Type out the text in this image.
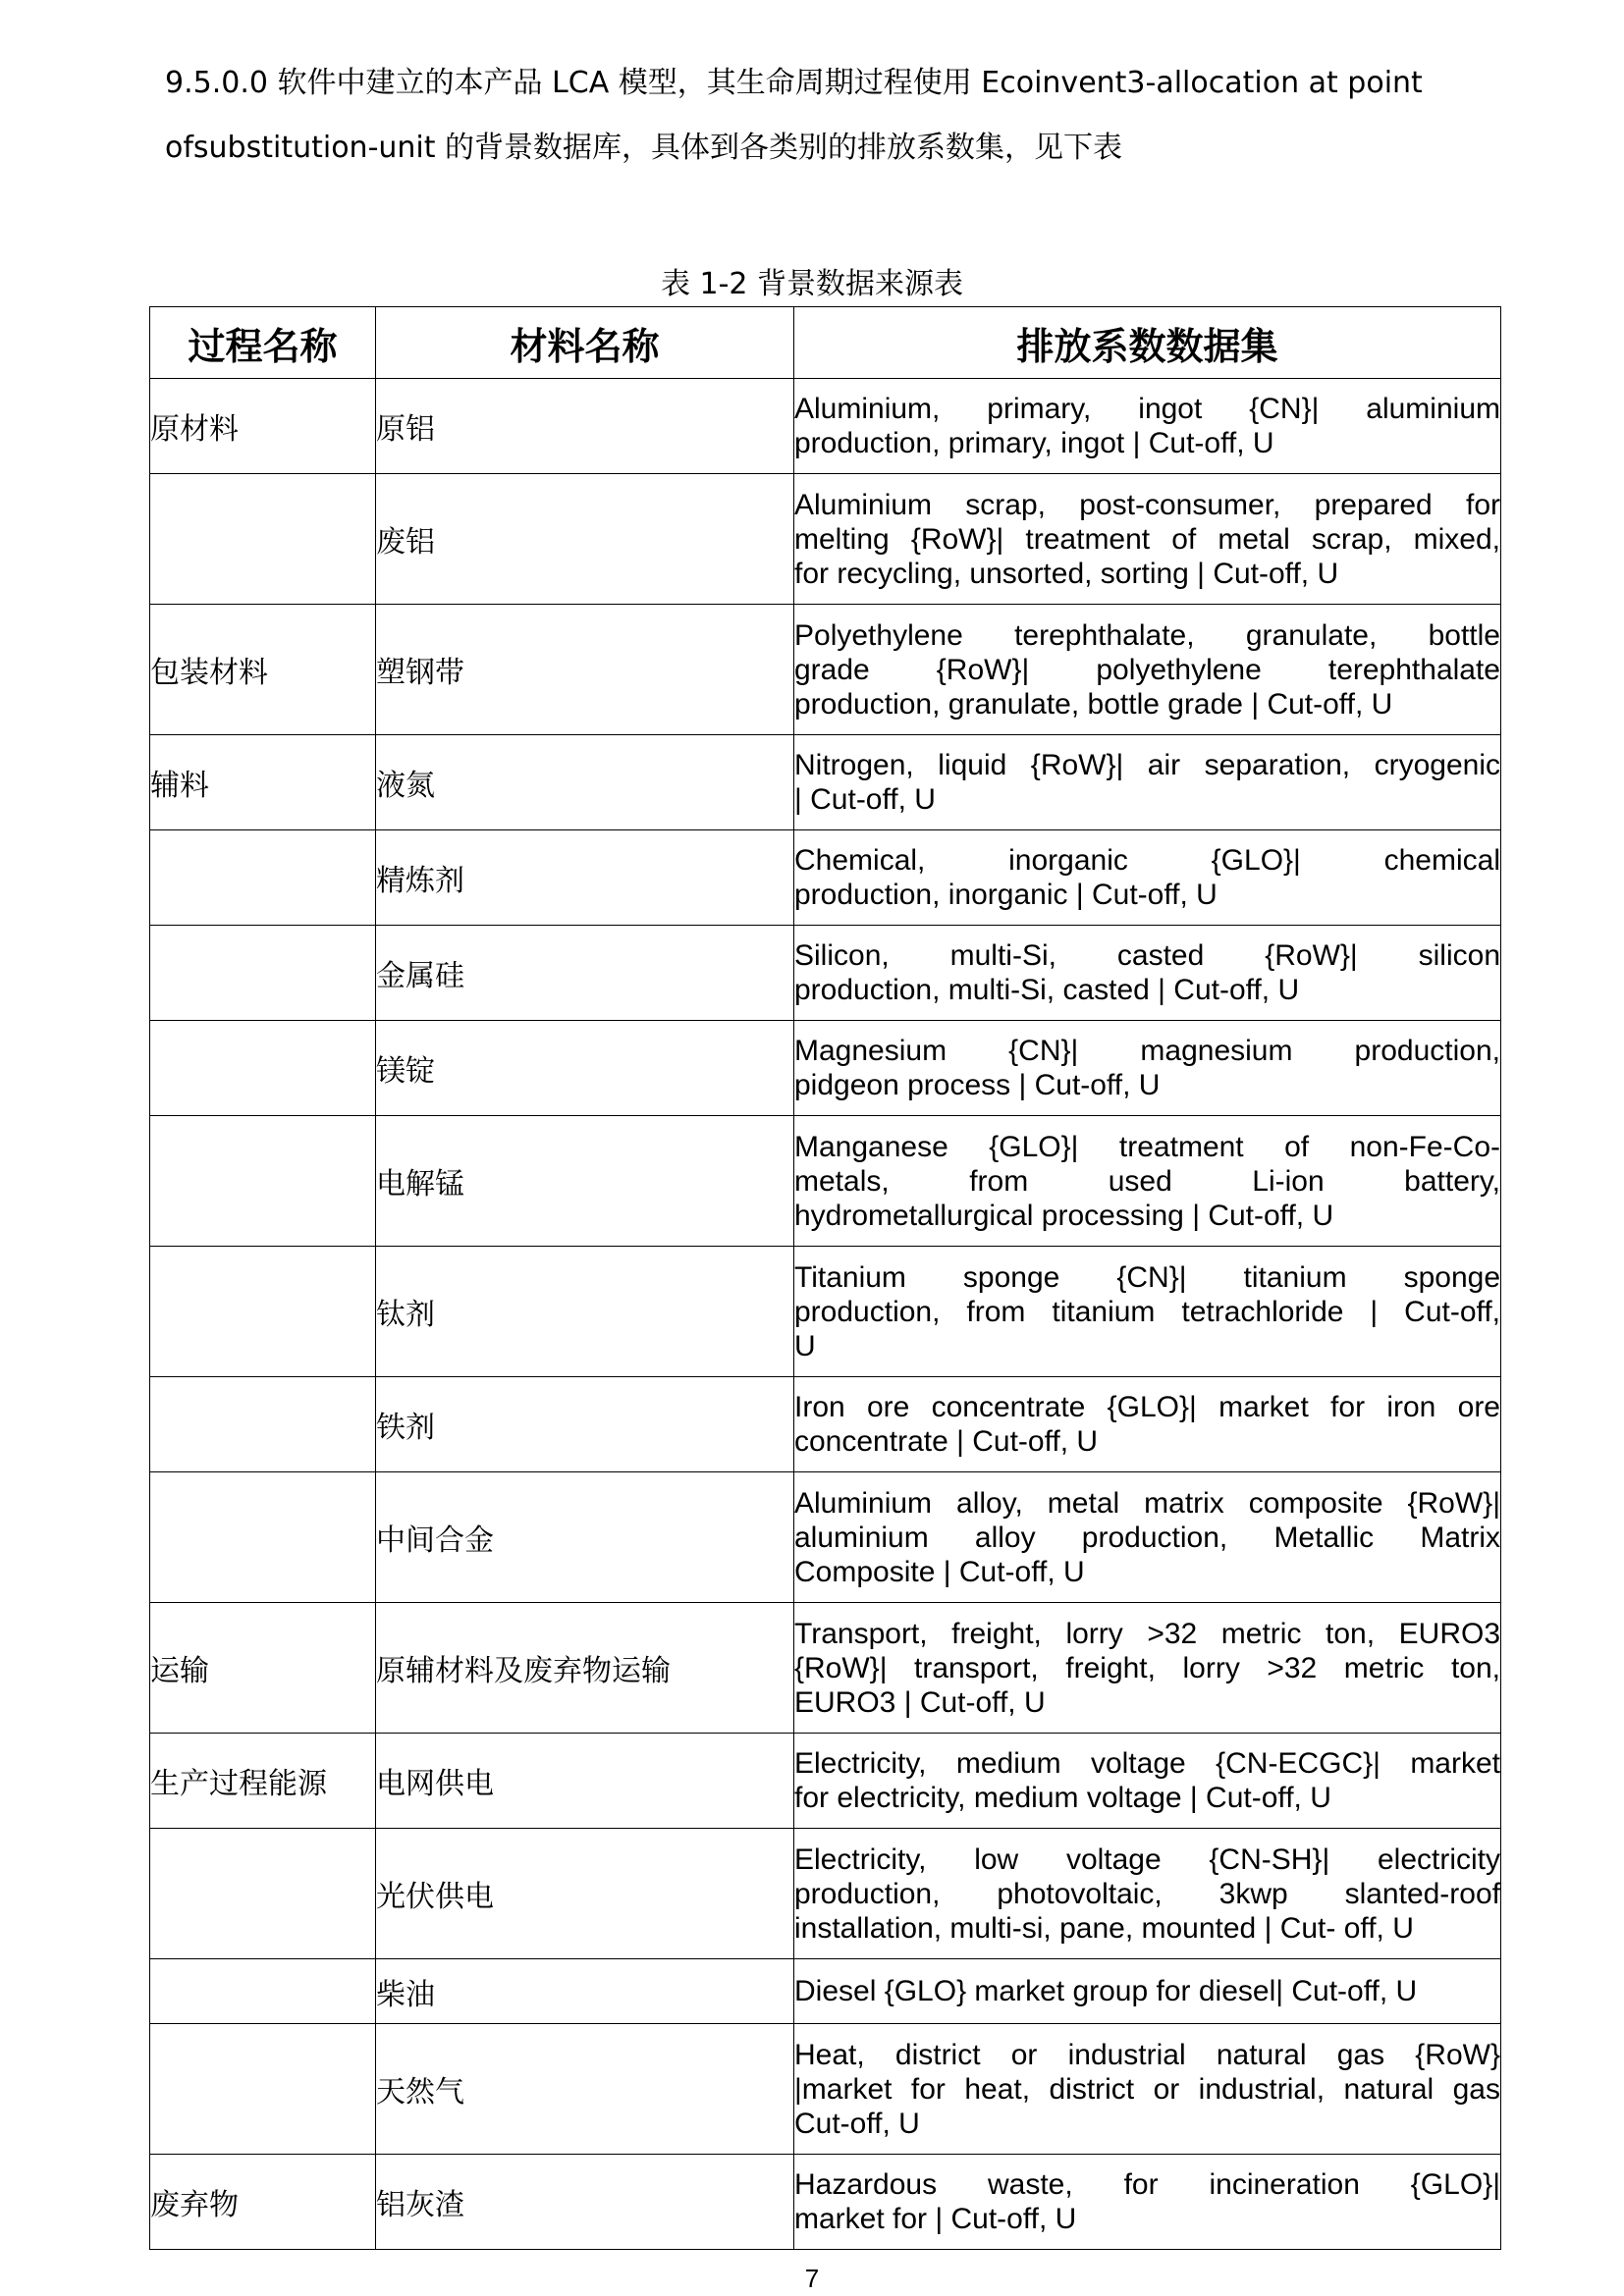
9.5.0.0 软件中建立的本产品 LCA 模型，其生命周期过程使用 Ecoinvent3-allocation at point

ofsubstitution-unit 的背景数据库，具体到各类别的排放系数集，见下表

表 1-2 背景数据来源表
过程名称	材料名称	排放系数数据集
原材料	原铝	Aluminium, primary, ingot {CN}| aluminium
production, primary, ingot | Cut-off, U

	废铝	Aluminium scrap, post-consumer, prepared for
melting {RoW}| treatment of metal scrap, mixed,
for recycling, unsorted, sorting | Cut-off, U

包装材料	塑钢带	Polyethylene terephthalate, granulate, bottle
grade {RoW}| polyethylene terephthalate
production, granulate, bottle grade | Cut-off, U

辅料	液氮	Nitrogen, liquid {RoW}| air separation, cryogenic
| Cut-off, U

	精炼剂	Chemical, inorganic {GLO}| chemical
production, inorganic | Cut-off, U

	金属硅	Silicon, multi-Si, casted {RoW}| silicon
production, multi-Si, casted | Cut-off, U

	镁锭	Magnesium {CN}| magnesium production,
pidgeon process | Cut-off, U

	电解锰	Manganese {GLO}| treatment of non-Fe-Co-
metals, from used Li-ion battery,
hydrometallurgical processing | Cut-off, U

	钛剂	Titanium sponge {CN}| titanium sponge
production, from titanium tetrachloride | Cut-off,
U

	铁剂	Iron ore concentrate {GLO}| market for iron ore
concentrate | Cut-off, U

	中间合金	Aluminium alloy, metal matrix composite {RoW}|
aluminium alloy production, Metallic Matrix
Composite | Cut-off, U

运输	原辅材料及废弃物运输	Transport, freight, lorry >32 metric ton, EURO3
{RoW}| transport, freight, lorry >32 metric ton,
EURO3 | Cut-off, U

生产过程能源	电网供电	Electricity, medium voltage {CN-ECGC}| market
for electricity, medium voltage | Cut-off, U

	光伏供电	Electricity, low voltage {CN-SH}| electricity
production, photovoltaic, 3kwp slanted-roof
installation, multi-si, pane, mounted | Cut- off, U

	柴油	Diesel {GLO} market group for diesel| Cut-off, U

	天然气	Heat, district or industrial natural gas {RoW}
|market for heat, district or industrial, natural gas
Cut-off, U

废弃物	铝灰渣	Hazardous waste, for incineration {GLO}|
market for | Cut-off, U
7
